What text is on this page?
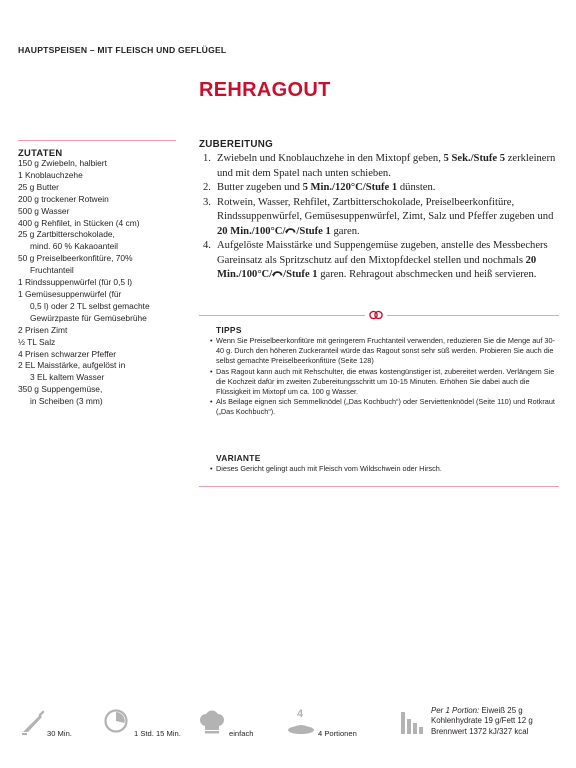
HAUPTSPEISEN – MIT FLEISCH UND GEFLÜGEL
REHRAGOUT
ZUTATEN
150 g Zwiebeln, halbiert
1 Knoblauchzehe
25 g Butter
200 g trockener Rotwein
500 g Wasser
400 g Rehfilet, in Stücken (4 cm)
25 g Zartbitterschokolade,
mind. 60 % Kakaoanteil
50 g Preiselbeerkonfitüre, 70%
Fruchtanteil
1 Rindssuppenwürfel (für 0,5 l)
1 Gemüsesuppenwürfel (für
0,5 l) oder 2 TL selbst gemachte
Gewürzpaste für Gemüsebrühe
2 Prisen Zimt
½ TL Salz
4 Prisen schwarzer Pfeffer
2 EL Maisstärke, aufgelöst in
3 EL kaltem Wasser
350 g Suppengemüse,
in Scheiben (3 mm)
ZUBEREITUNG
1. Zwiebeln und Knoblauchzehe in den Mixtopf geben, 5 Sek./Stufe 5 zerkleinern und mit dem Spatel nach unten schieben.
2. Butter zugeben und 5 Min./120°C/Stufe 1 dünsten.
3. Rotwein, Wasser, Rehfilet, Zartbitterschokolade, Preiselbeerkonfitüre, Rindssuppenwürfel, Gemüsesuppenwürfel, Zimt, Salz und Pfeffer zugeben und 20 Min./100°C/ /Stufe 1 garen.
4. Aufgelöste Maisstärke und Suppengemüse zugeben, anstelle des Messbechers Gareinsatz als Spritzschutz auf den Mixtopfdeckel stellen und nochmals 20 Min./100°C/ /Stufe 1 garen. Rehragout abschmecken und heiß servieren.
TIPPS
• Wenn Sie Preiselbeerkonfitüre mit geringerem Fruchtanteil verwenden, reduzieren Sie die Menge auf 30-40 g. Durch den höheren Zuckeranteil würde das Ragout sonst sehr süß werden. Probieren Sie auch die selbst gemachte Preiselbeerkonfitüre (Seite 128)
• Das Ragout kann auch mit Rehschulter, die etwas kostengünstiger ist, zubereitet werden. Verlängern Sie die Kochzeit dafür im zweiten Zubereitungsschritt um 10-15 Minuten. Erhöhen Sie dabei auch die Flüssigkeit im Mixtopf um ca. 100 g Wasser.
• Als Beilage eignen sich Semmelknödel („Das Kochbuch“) oder Serviettenknödel (Seite 110) und Rotkraut („Das Kochbuch“).
VARIANTE
• Dieses Gericht gelingt auch mit Fleisch vom Wildschwein oder Hirsch.
30 Min.	1 Std. 15 Min.	einfach
4
4 Portionen
Per 1 Portion: Eiweiß 25 g
Kohlenhydrate 19 g/Fett 12 g
Brennwert 1372 kJ/327 kcal
